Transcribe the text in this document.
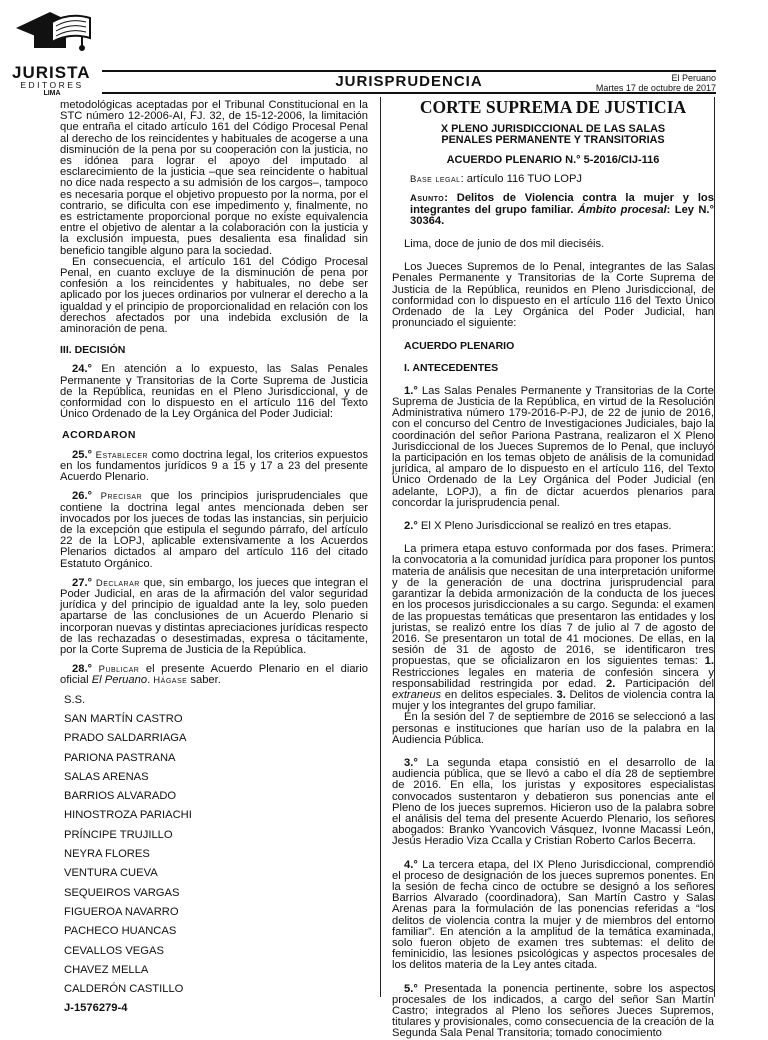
JURISTA
EDITORES
LIMA
JURISPRUDENCIA	El Peruano
Martes 17 de octubre de 2017

metodológicas aceptadas por el Tribunal Constitucional en la STC número 12-2006-AI, FJ. 32, de 15-12-2006, la limitación que entraña el citado artículo 161 del Código Procesal Penal al derecho de los reincidentes y habituales de acogerse a una disminución de la pena por su cooperación con la justicia, no es idónea para lograr el apoyo del imputado al esclarecimiento de la justicia –que sea reincidente o habitual no dice nada respecto a su admisión de los cargos–, tampoco es necesaria porque el objetivo propuesto por la norma, por el contrario, se dificulta con ese impedimento y, finalmente, no es estrictamente proporcional porque no existe equivalencia entre el objetivo de alentar a la colaboración con la justicia y la exclusión impuesta, pues desalienta esa finalidad sin beneficio tangible alguno para la sociedad.

En consecuencia, el artículo 161 del Código Procesal Penal, en cuanto excluye de la disminución de pena por confesión a los reincidentes y habituales, no debe ser aplicado por los jueces ordinarios por vulnerar el derecho a la igualdad y el principio de proporcionalidad en relación con los derechos afectados por una indebida exclusión de la aminoración de pena.

III. DECISIÓN

24.° En atención a lo expuesto, las Salas Penales Permanente y Transitorias de la Corte Suprema de Justicia de la República, reunidas en el Pleno Jurisdiccional, y de conformidad con lo dispuesto en el artículo 116 del Texto Único Ordenado de la Ley Orgánica del Poder Judicial:

ACORDARON

25.° Establecer como doctrina legal, los criterios expuestos en los fundamentos jurídicos 9 a 15 y 17 a 23 del presente Acuerdo Plenario.

26.° Precisar que los principios jurisprudenciales que contiene la doctrina legal antes mencionada deben ser invocados por los jueces de todas las instancias, sin perjuicio de la excepción que estipula el segundo párrafo, del artículo 22 de la LOPJ, aplicable extensivamente a los Acuerdos Plenarios dictados al amparo del artículo 116 del citado Estatuto Orgánico.

27.° Declarar que, sin embargo, los jueces que integran el Poder Judicial, en aras de la afirmación del valor seguridad jurídica y del principio de igualdad ante la ley, solo pueden apartarse de las conclusiones de un Acuerdo Plenario si incorporan nuevas y distintas apreciaciones jurídicas respecto de las rechazadas o desestimadas, expresa o tácitamente, por la Corte Suprema de Justicia de la República.

28.° Publicar el presente Acuerdo Plenario en el diario oficial El Peruano. Hágase saber.

S.S.

SAN MARTÍN CASTRO

PRADO SALDARRIAGA

PARIONA PASTRANA

SALAS ARENAS

BARRIOS ALVARADO

HINOSTROZA PARIACHI

PRÍNCIPE TRUJILLO

NEYRA FLORES

VENTURA CUEVA

SEQUEIROS VARGAS

FIGUEROA NAVARRO

PACHECO HUANCAS

CEVALLOS VEGAS

CHAVEZ MELLA

CALDERÓN CASTILLO

J-1576279-4

CORTE SUPREMA DE JUSTICIA

X PLENO JURISDICCIONAL DE LAS SALAS

PENALES PERMANENTE Y TRANSITORIAS

ACUERDO PLENARIO N.° 5-2016/CIJ-116

Base legal: artículo 116 TUO LOPJ

Asunto: Delitos de Violencia contra la mujer y los integrantes del grupo familiar. Ámbito procesal: Ley N.° 30364.

Lima, doce de junio de dos mil dieciséis.

Los Jueces Supremos de lo Penal, integrantes de las Salas Penales Permanente y Transitorias de la Corte Suprema de Justicia de la República, reunidos en Pleno Jurisdiccional, de conformidad con lo dispuesto en el artículo 116 del Texto Único Ordenado de la Ley Orgánica del Poder Judicial, han pronunciado el siguiente:

ACUERDO PLENARIO

I. ANTECEDENTES

1.° Las Salas Penales Permanente y Transitorias de la Corte Suprema de Justicia de la República, en virtud de la Resolución Administrativa número 179-2016-P-PJ, de 22 de junio de 2016, con el concurso del Centro de Investigaciones Judiciales, bajo la coordinación del señor Pariona Pastrana, realizaron el X Pleno Jurisdiccional de los Jueces Supremos de lo Penal, que incluyó la participación en los temas objeto de análisis de la comunidad jurídica, al amparo de lo dispuesto en el artículo 116, del Texto Único Ordenado de la Ley Orgánica del Poder Judicial (en adelante, LOPJ), a fin de dictar acuerdos plenarios para concordar la jurisprudencia penal.

2.° El X Pleno Jurisdiccional se realizó en tres etapas.

La primera etapa estuvo conformada por dos fases. Primera: la convocatoria a la comunidad jurídica para proponer los puntos materia de análisis que necesitan de una interpretación uniforme y de la generación de una doctrina jurisprudencial para garantizar la debida armonización de la conducta de los jueces en los procesos jurisdiccionales a su cargo. Segunda: el examen de las propuestas temáticas que presentaron las entidades y los juristas, se realizó entre los días 7 de julio al 7 de agosto de 2016. Se presentaron un total de 41 mociones. De ellas, en la sesión de 31 de agosto de 2016, se identificaron tres propuestas, que se oficializaron en los siguientes temas: 1. Restricciones legales en materia de confesión sincera y responsabilidad restringida por edad. 2. Participación del extraneus en delitos especiales. 3. Delitos de violencia contra la mujer y los integrantes del grupo familiar.

En la sesión del 7 de septiembre de 2016 se seleccionó a las personas e instituciones que harían uso de la palabra en la Audiencia Pública.

3.° La segunda etapa consistió en el desarrollo de la audiencia pública, que se llevó a cabo el día 28 de septiembre de 2016. En ella, los juristas y expositores especialistas convocados sustentaron y debatieron sus ponencias ante el Pleno de los jueces supremos. Hicieron uso de la palabra sobre el análisis del tema del presente Acuerdo Plenario, los señores abogados: Branko Yvancovich Vásquez, Ivonne Macassi León, Jesús Heradio Viza Ccalla y Cristian Roberto Carlos Becerra.

4.° La tercera etapa, del IX Pleno Jurisdiccional, comprendió el proceso de designación de los jueces supremos ponentes. En la sesión de fecha cinco de octubre se designó a los señores Barrios Alvarado (coordinadora), San Martín Castro y Salas Arenas para la formulación de las ponencias referidas a “los delitos de violencia contra la mujer y de miembros del entorno familiar”. En atención a la amplitud de la temática examinada, solo fueron objeto de examen tres subtemas: el delito de feminicidio, las lesiones psicológicas y aspectos procesales de los delitos materia de la Ley antes citada.

5.° Presentada la ponencia pertinente, sobre los aspectos procesales de los indicados, a cargo del señor San Martín Castro; integrados al Pleno los señores Jueces Supremos, titulares y provisionales, como consecuencia de la creación de la Segunda Sala Penal Transitoria; tomado conocimiento
